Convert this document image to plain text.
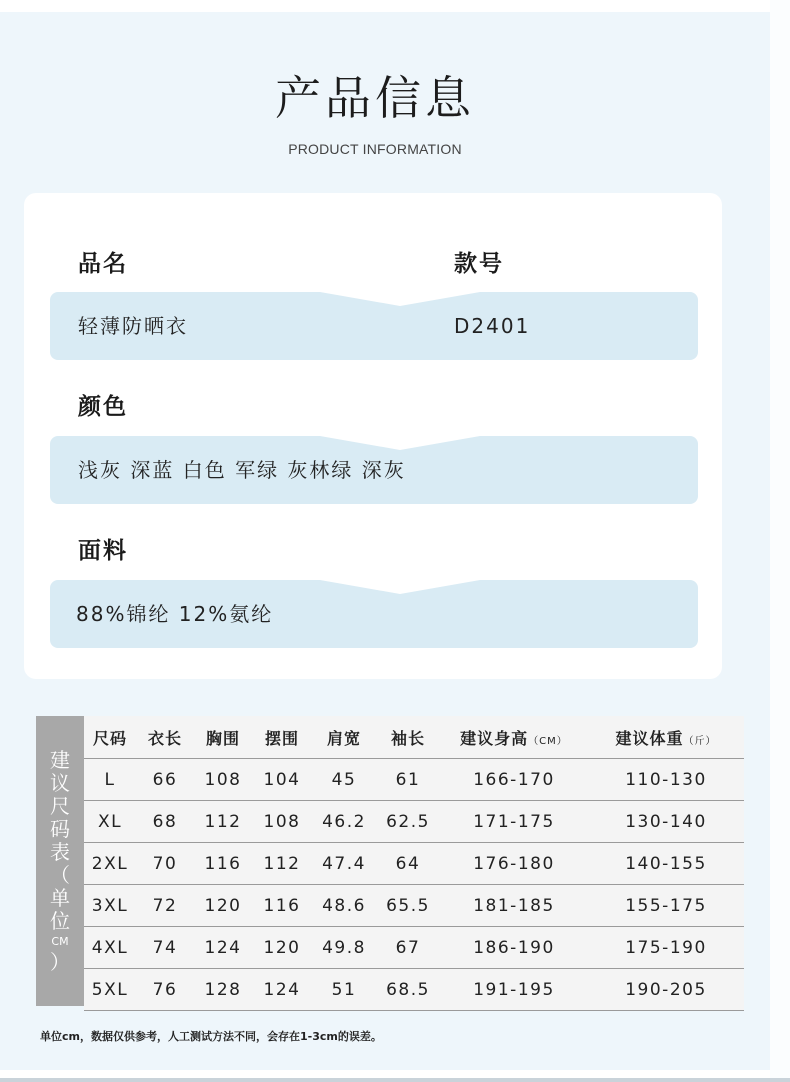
产品信息
PRODUCT INFORMATION
品名	款号
轻薄防晒衣	D2401
颜色
浅灰 深蓝 白色 军绿 灰林绿 深灰
面料
88%锦纶 12%氨纶
建
议
尺
码
表
（
单
位
CM
）
尺码	衣长	胸围	摆围	肩宽	袖长	建议身高（CM）	建议体重（斤）
L	66	108	104	45	61	166-170	110-130
XL	68	112	108	46.2	62.5	171-175	130-140
2XL	70	116	112	47.4	64	176-180	140-155
3XL	72	120	116	48.6	65.5	181-185	155-175
4XL	74	124	120	49.8	67	186-190	175-190
5XL	76	128	124	51	68.5	191-195	190-205
单位cm，数据仅供参考，人工测试方法不同，会存在1-3cm的误差。
